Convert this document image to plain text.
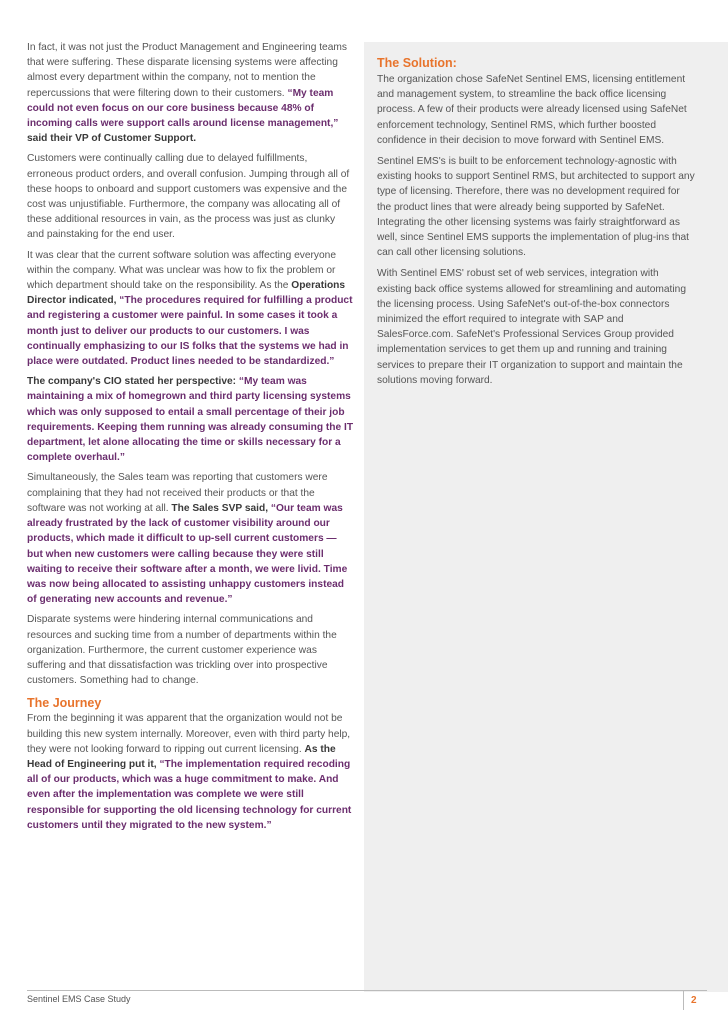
In fact, it was not just the Product Management and Engineering teams that were suffering. These disparate licensing systems were affecting almost every department within the company, not to mention the repercussions that were filtering down to their customers. “My team could not even focus on our core business because 48% of incoming calls were support calls around license management,” said their VP of Customer Support.

Customers were continually calling due to delayed fulfillments, erroneous product orders, and overall confusion. Jumping through all of these hoops to onboard and support customers was expensive and the cost was unjustifiable. Furthermore, the company was allocating all of these additional resources in vain, as the process was just as clunky and painstaking for the end user.

It was clear that the current software solution was affecting everyone within the company. What was unclear was how to fix the problem or which department should take on the responsibility. As the Operations Director indicated, “The procedures required for fulfilling a product and registering a customer were painful. In some cases it took a month just to deliver our products to our customers. I was continually emphasizing to our IS folks that the systems we had in place were outdated. Product lines needed to be standardized.”

The company's CIO stated her perspective: “My team was maintaining a mix of homegrown and third party licensing systems which was only supposed to entail a small percentage of their job requirements. Keeping them running was already consuming the IT department, let alone allocating the time or skills necessary for a complete overhaul.”

Simultaneously, the Sales team was reporting that customers were complaining that they had not received their products or that the software was not working at all. The Sales SVP said, “Our team was already frustrated by the lack of customer visibility around our products, which made it difficult to up-sell current customers — but when new customers were calling because they were still waiting to receive their software after a month, we were livid. Time was now being allocated to assisting unhappy customers instead of generating new accounts and revenue.”

Disparate systems were hindering internal communications and resources and sucking time from a number of departments within the organization. Furthermore, the current customer experience was suffering and that dissatisfaction was trickling over into prospective customers. Something had to change.

The Journey

From the beginning it was apparent that the organization would not be building this new system internally. Moreover, even with third party help, they were not looking forward to ripping out current licensing. As the Head of Engineering put it, “The implementation required recoding all of our products, which was a huge commitment to make. And even after the implementation was complete we were still responsible for supporting the old licensing technology for current customers until they migrated to the new system.”

The Solution:

The organization chose SafeNet Sentinel EMS, licensing entitlement and management system, to streamline the back office licensing process. A few of their products were already licensed using SafeNet enforcement technology, Sentinel RMS, which further boosted confidence in their decision to move forward with Sentinel EMS.

Sentinel EMS's is built to be enforcement technology-agnostic with existing hooks to support Sentinel RMS, but architected to support any type of licensing. Therefore, there was no development required for the product lines that were already being supported by SafeNet. Integrating the other licensing systems was fairly straightforward as well, since Sentinel EMS supports the implementation of plug-ins that can call other licensing solutions.

With Sentinel EMS' robust set of web services, integration with existing back office systems allowed for streamlining and automating the licensing process. Using SafeNet's out-of-the-box connectors minimized the effort required to integrate with SAP and SalesForce.com. SafeNet's Professional Services Group provided implementation services to get them up and running and training services to prepare their IT organization to support and maintain the solutions moving forward.

Sentinel EMS Case Study	2
